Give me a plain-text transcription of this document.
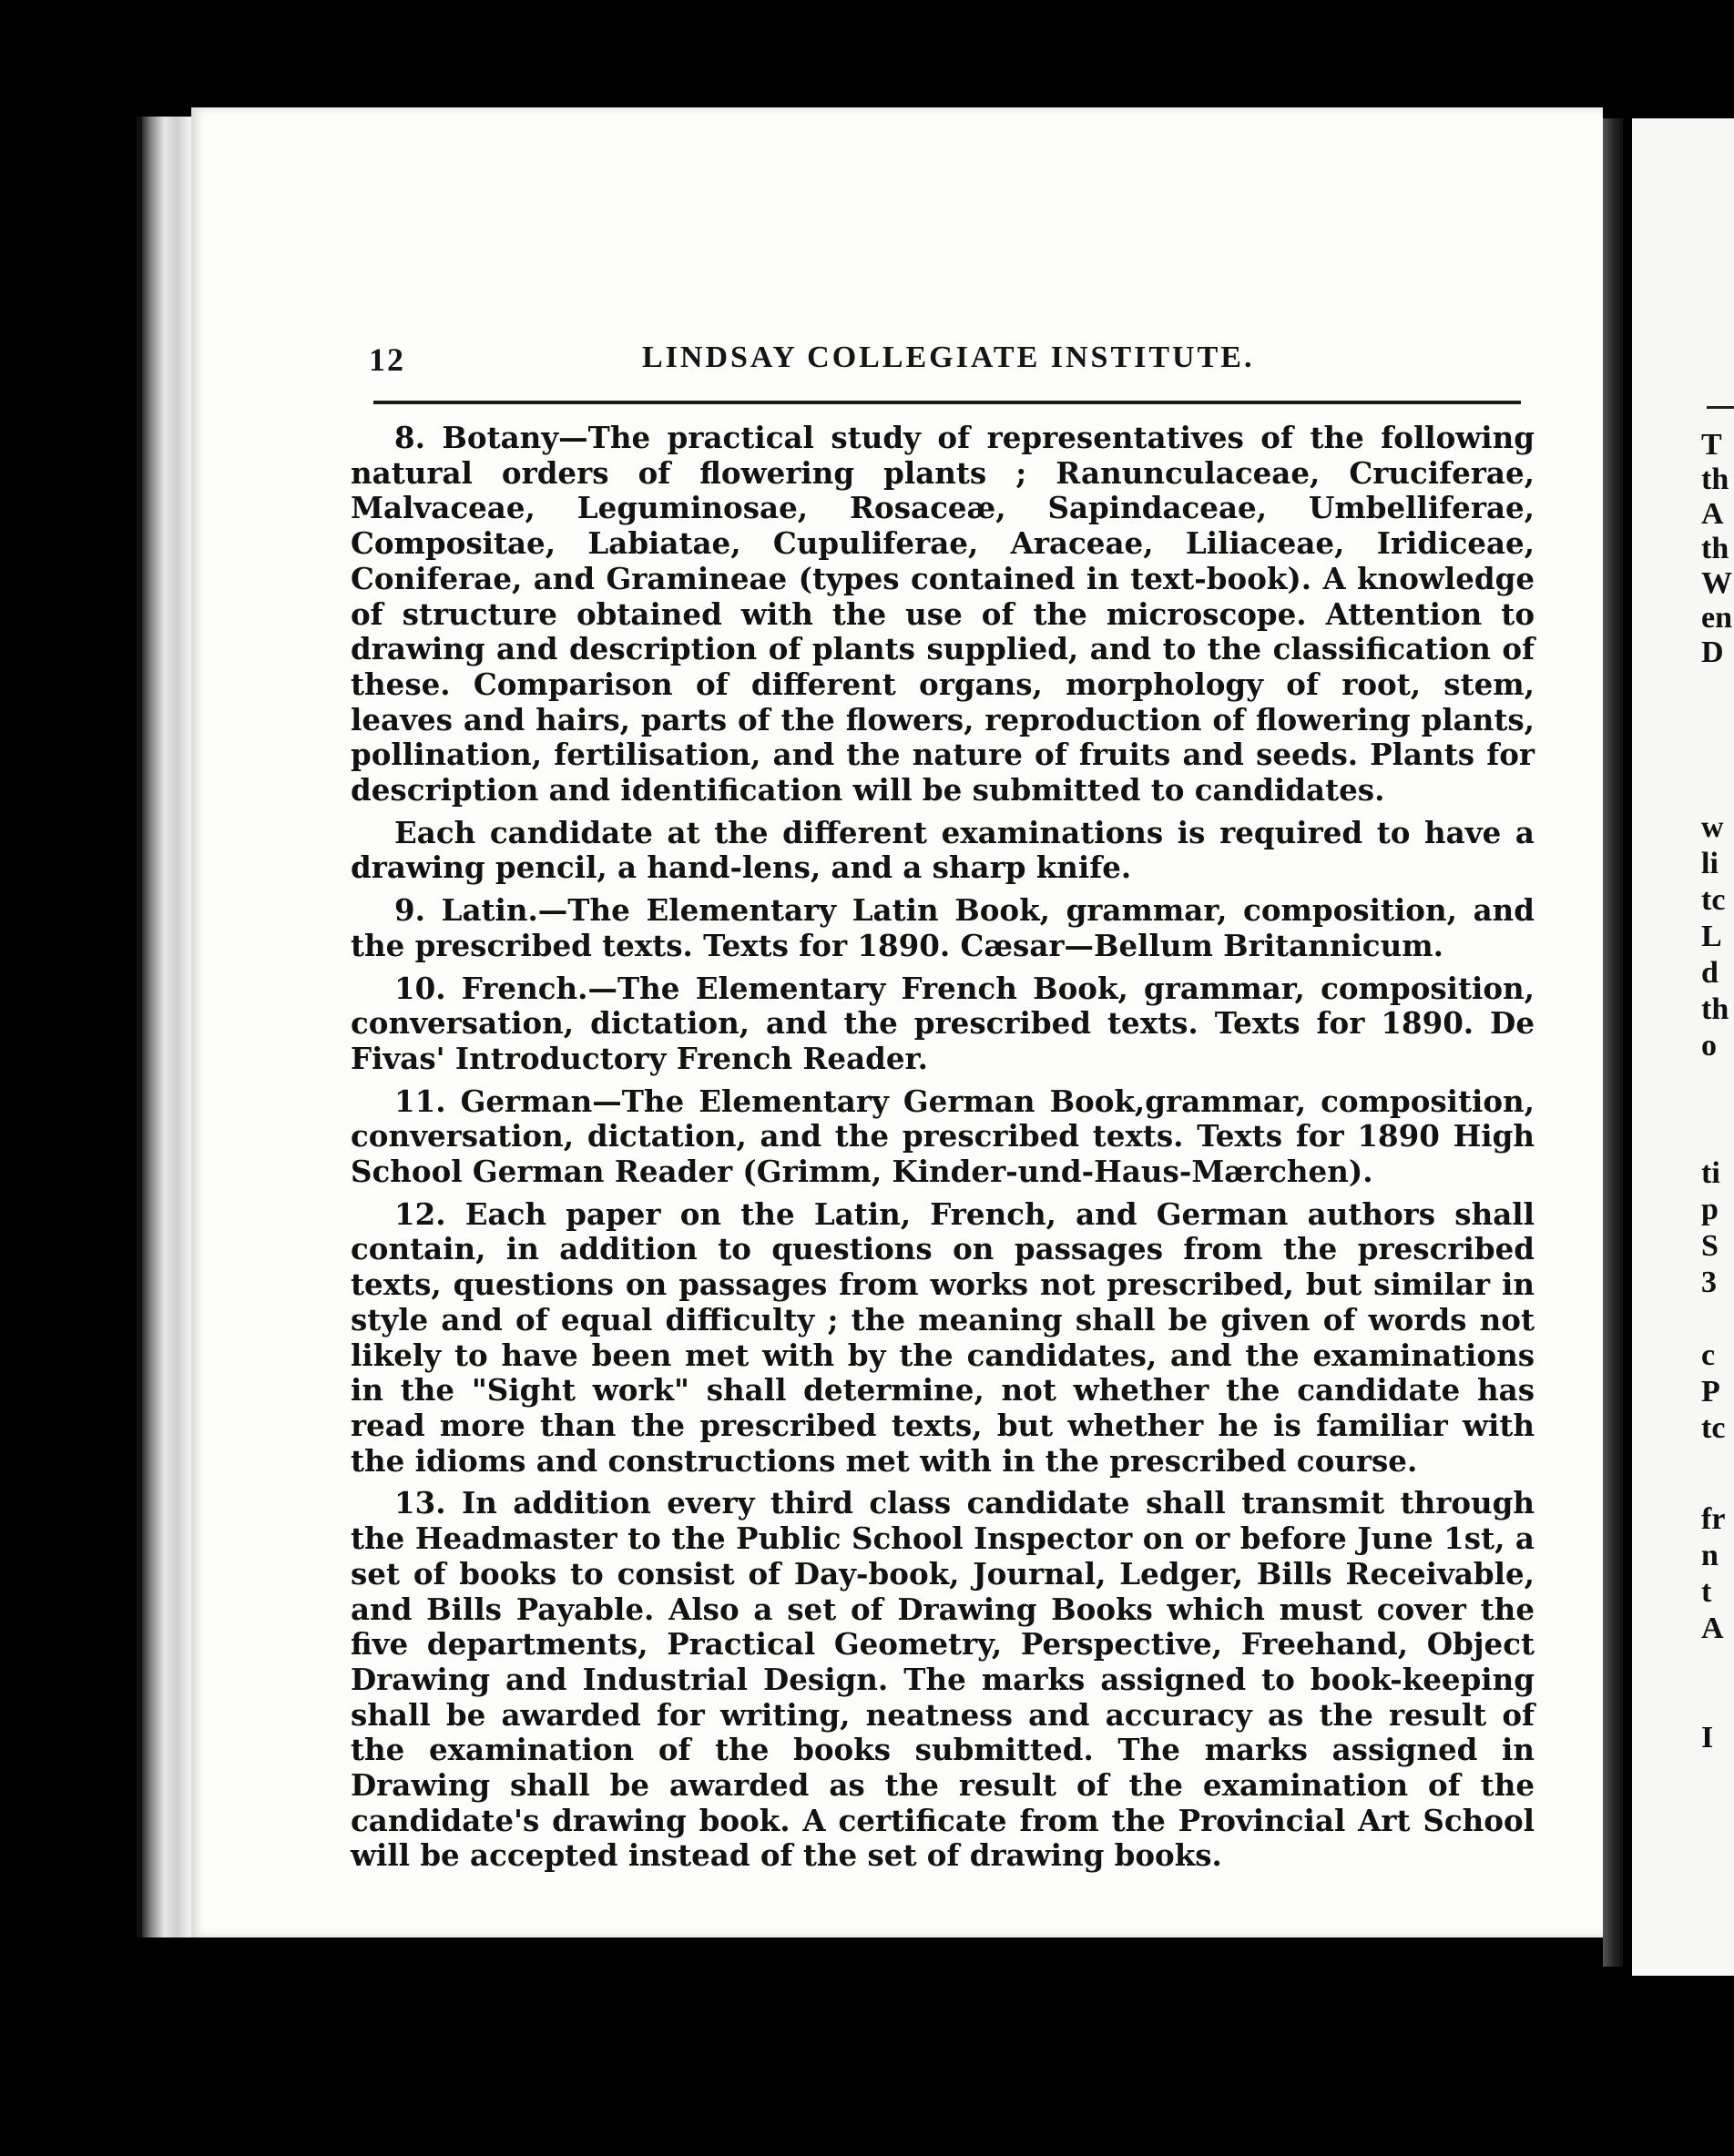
T
th
A
th
W
en
D
w
li
tc
L
d
th
o
ti
p
S
3
c
P
tc
fr
n
t
A
I
12	LINDSAY COLLEGIATE INSTITUTE.

8. Botany—The practical study of representatives of the following natural orders of flowering plants ; Ranunculaceae, Cruciferae, Malvaceae, Leguminosae, Rosaceæ, Sapindaceae, Umbelliferae, Compositae, Labiatae, Cupuliferae, Araceae, Liliaceae, Iridiceae, Coniferae, and Gramineae (types contained in text-book). A knowledge of structure obtained with the use of the microscope. Attention to drawing and description of plants supplied, and to the classification of these. Comparison of different organs, morphology of root, stem, leaves and hairs, parts of the flowers, reproduction of flowering plants, pollination, fertilisation, and the nature of fruits and seeds. Plants for description and identification will be submitted to candidates.

Each candidate at the different examinations is required to have a drawing pencil, a hand-lens, and a sharp knife.

9. Latin.—The Elementary Latin Book, grammar, composition, and the prescribed texts. Texts for 1890. Cæsar—Bellum Britannicum.

10. French.—The Elementary French Book, grammar, composition, conversation, dictation, and the prescribed texts. Texts for 1890. De Fivas' Introductory French Reader.

11. German—The Elementary German Book,grammar, composition, conversation, dictation, and the prescribed texts. Texts for 1890 High School German Reader (Grimm, Kinder-und-Haus-Mærchen).

12. Each paper on the Latin, French, and German authors shall contain, in addition to questions on passages from the prescribed texts, questions on passages from works not prescribed, but similar in style and of equal difficulty ; the meaning shall be given of words not likely to have been met with by the candidates, and the examinations in the "Sight work" shall determine, not whether the candidate has read more than the prescribed texts, but whether he is familiar with the idioms and constructions met with in the prescribed course.

13. In addition every third class candidate shall transmit through the Headmaster to the Public School Inspector on or before June 1st, a set of books to consist of Day-book, Journal, Ledger, Bills Receivable, and Bills Payable. Also a set of Drawing Books which must cover the five departments, Practical Geometry, Perspective, Freehand, Object Drawing and Industrial Design. The marks assigned to book-keeping shall be awarded for writing, neatness and accuracy as the result of the examination of the books submitted. The marks assigned in Drawing shall be awarded as the result of the examination of the candidate's drawing book. A certificate from the Provincial Art School will be accepted instead of the set of drawing books.
